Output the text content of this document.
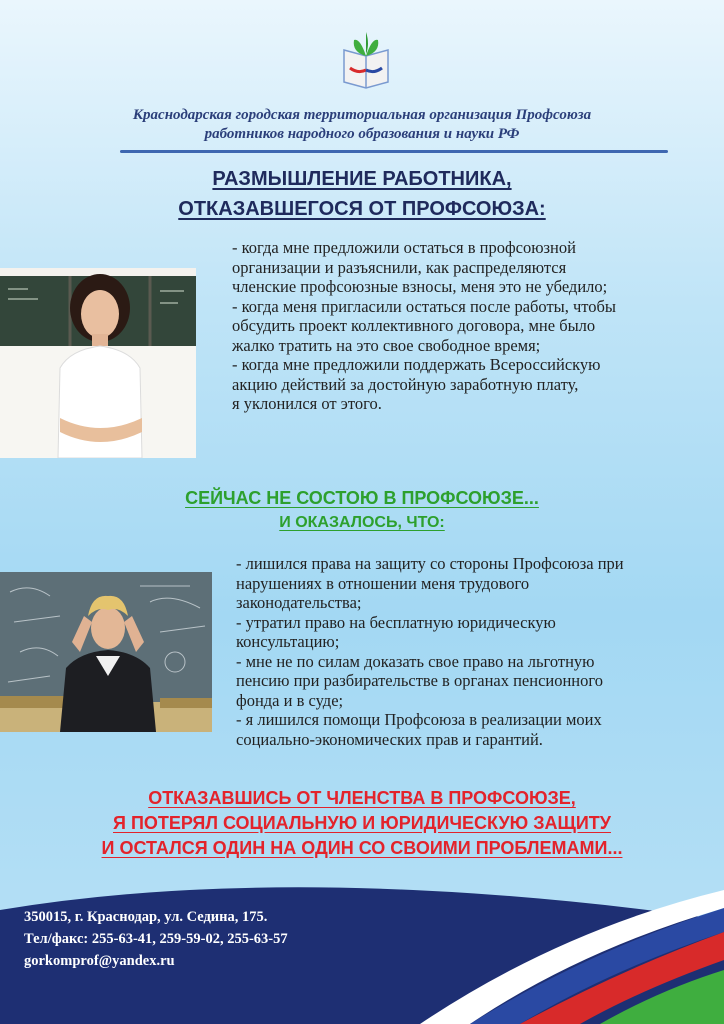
Краснодарская городская территориальная организация Профсоюза
работников народного образования и науки РФ
РАЗМЫШЛЕНИЕ РАБОТНИКА,
ОТКАЗАВШЕГОСЯ ОТ ПРОФСОЮЗА:
- когда мне предложили остаться в профсоюзной
организации и разъяснили, как распределяются
членские профсоюзные взносы, меня это не убедило;
- когда меня пригласили остаться после работы, чтобы
обсудить проект коллективного договора, мне было
жалко тратить на это свое свободное время;
- когда мне предложили поддержать Всероссийскую
акцию действий за достойную заработную плату,
я уклонился от этого.
СЕЙЧАС НЕ СОСТОЮ В ПРОФСОЮЗЕ...
И ОКАЗАЛОСЬ, ЧТО:
- лишился права на защиту со стороны Профсоюза при
нарушениях в отношении меня трудового
законодательства;
- утратил право на бесплатную юридическую
консультацию;
- мне не по силам доказать свое право на льготную
пенсию при разбирательстве в органах пенсионного
фонда и в суде;
- я лишился помощи Профсоюза в реализации моих
социально-экономических прав и гарантий.
ОТКАЗАВШИСЬ ОТ ЧЛЕНСТВА В ПРОФСОЮЗЕ,
Я ПОТЕРЯЛ СОЦИАЛЬНУЮ И ЮРИДИЧЕСКУЮ ЗАЩИТУ
И ОСТАЛСЯ ОДИН НА ОДИН СО СВОИМИ ПРОБЛЕМАМИ...
350015, г. Краснодар, ул. Седина, 175.
Тел/факс: 255-63-41, 259-59-02, 255-63-57
gorkomprof@yandex.ru
